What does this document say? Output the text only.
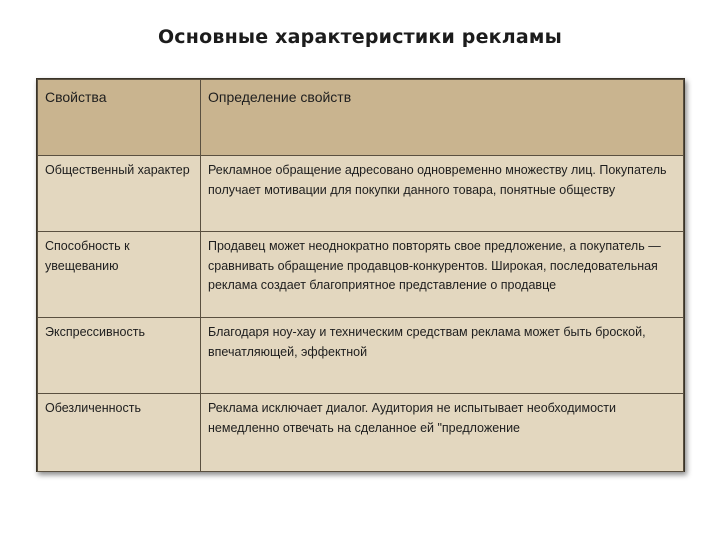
Основные характеристики рекламы
Свойства	Определение свойств
Общественный характер	Рекламное обращение адресовано одновременно множеству лиц. Покупатель получает мотивации для покупки данного товара, понятные обществу
Способность к увещеванию	Продавец может неоднократно повторять свое предложение, а покупатель — сравнивать обращение продавцов-конкурентов. Широкая, последовательная реклама создает благоприятное представление о продавце
Экспрессивность	Благодаря ноу-хау и техническим средствам реклама может быть броской, впечатляющей, эффектной
Обезличенность	Реклама исключает диалог. Аудитория не испытывает необходимости немедленно отвечать на сделанное ей "предложение
